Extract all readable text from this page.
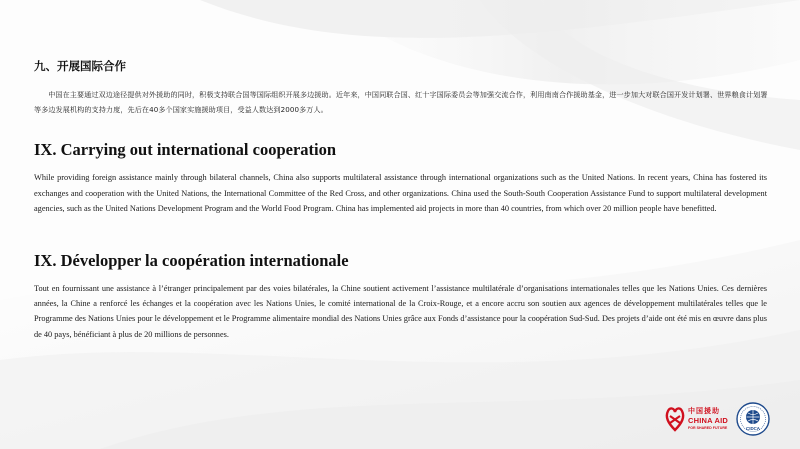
九、开展国际合作
中国在主要通过双边途径提供对外援助的同时，积极支持联合国等国际组织开展多边援助。近年来，中国同联合国、红十字国际委员会等加强交流合作，利用南南合作援助基金，进一步加大对联合国开发计划署、世界粮食计划署等多边发展机构的支持力度，先后在40多个国家实施援助项目，受益人数达到2000多万人。
IX. Carrying out international cooperation
While providing foreign assistance mainly through bilateral channels, China also supports multilateral assistance through international organizations such as the United Nations. In recent years, China has fostered its exchanges and cooperation with the United Nations, the International Committee of the Red Cross, and other organizations. China used the South-South Cooperation Assistance Fund to support multilateral development agencies, such as the United Nations Development Program and the World Food Program. China has implemented aid projects in more than 40 countries, from which over 20 million people have benefitted.
IX. Développer la coopération internationale
Tout en fournissant une assistance à l’étranger principalement par des voies bilatérales, la Chine soutient activement l’assistance multilatérale d’organisations internationales telles que les Nations Unies. Ces dernières années, la Chine a renforcé les échanges et la coopération avec les Nations Unies, le comité international de la Croix-Rouge, et a encore accru son soutien aux agences de développement multilatérales telles que le Programme des Nations Unies pour le développement et le Programme alimentaire mondial des Nations Unies grâce aux Fonds d’assistance pour la coopération Sud-Sud. Des projets d’aide ont été mis en œuvre dans plus de 40 pays, bénéficiant à plus de 20 millions de personnes.
中国援助
CHINA AID
FOR SHARED FUTURE	CIDCA
